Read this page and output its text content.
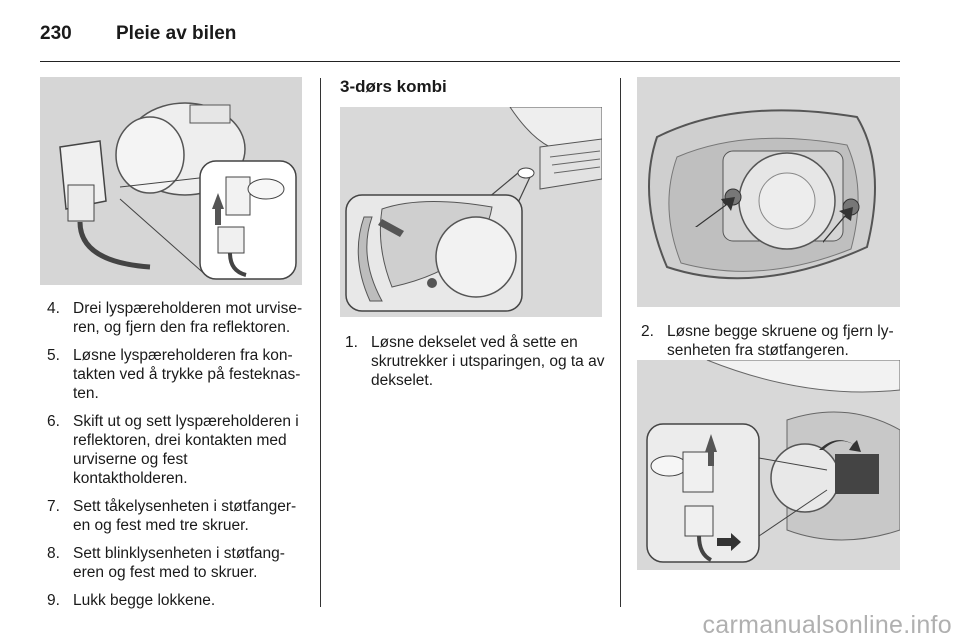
230	Pleie av bilen
4. Drei lyspæreholderen mot urviseren, og fjern den fra reflektoren.
5. Løsne lyspæreholderen fra kontakten ved å trykke på festeknasten.
6. Skift ut og sett lyspæreholderen i reflektoren, drei kontakten med urviserne og fest kontaktholderen.
7. Sett tåkelysenheten i støtfangeren og fest med tre skruer.
8. Sett blinklysenheten i støtfangeren og fest med to skruer.
9. Lukk begge lokkene.
3-dørs kombi
1. Løsne dekselet ved å sette en skrutrekker i utsparingen, og ta av dekselet.
2. Løsne begge skruene og fjern lysenheten fra støtfangeren.
carmanualsonline.info
